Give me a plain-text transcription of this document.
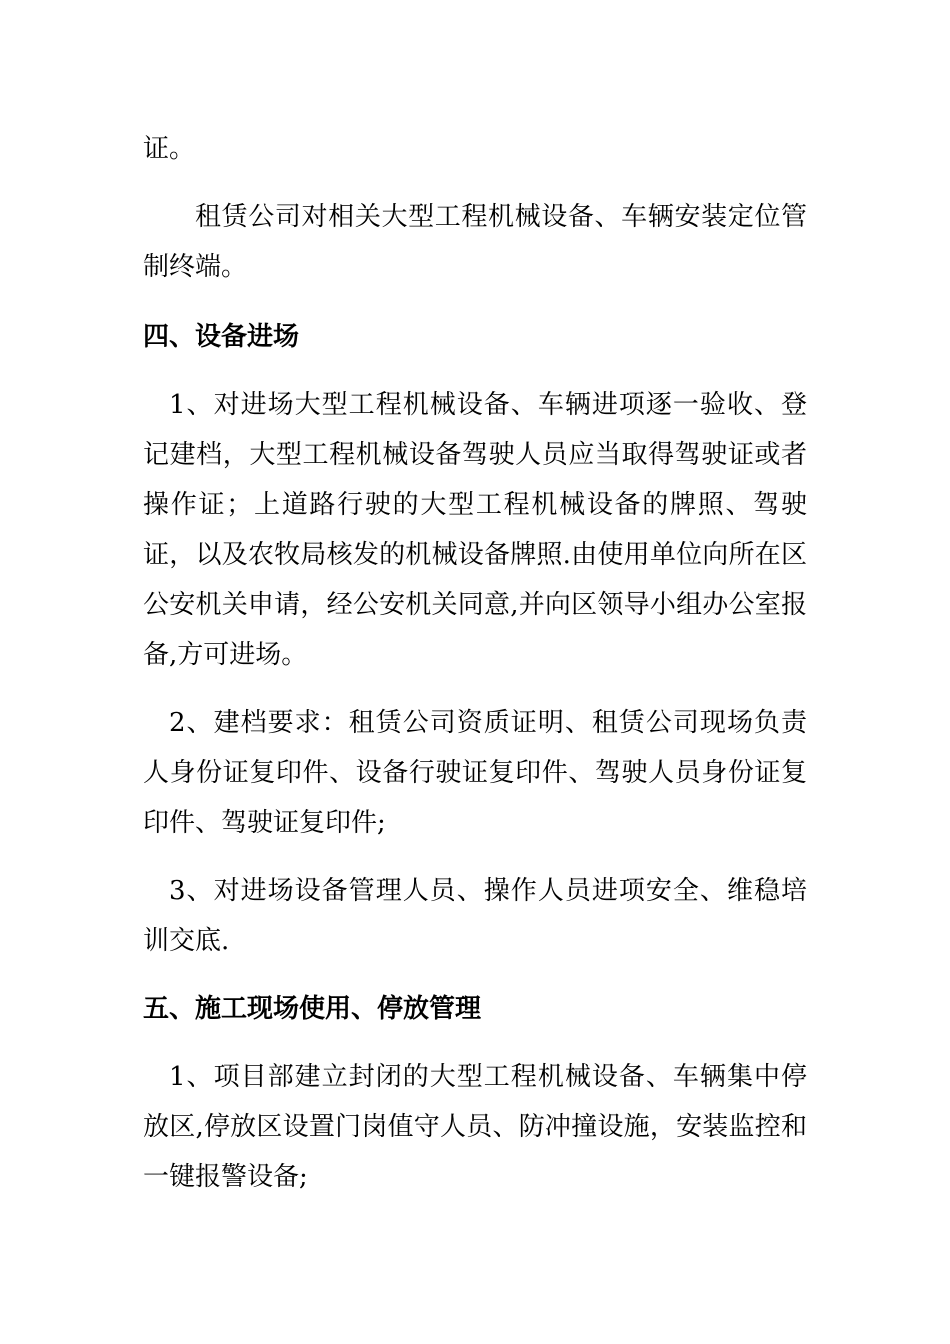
证。

租赁公司对相关大型工程机械设备、车辆安装定位管制终端。

四、设备进场

1、对进场大型工程机械设备、车辆进项逐一验收、登记建档，大型工程机械设备驾驶人员应当取得驾驶证或者操作证；上道路行驶的大型工程机械设备的牌照、驾驶证，以及农牧局核发的机械设备牌照.由使用单位向所在区公安机关申请，经公安机关同意,并向区领导小组办公室报备,方可进场。

2、建档要求：租赁公司资质证明、租赁公司现场负责人身份证复印件、设备行驶证复印件、驾驶人员身份证复印件、驾驶证复印件;

3、对进场设备管理人员、操作人员进项安全、维稳培训交底.

五、施工现场使用、停放管理

1、项目部建立封闭的大型工程机械设备、车辆集中停放区,停放区设置门岗值守人员、防冲撞设施，安装监控和一键报警设备;
